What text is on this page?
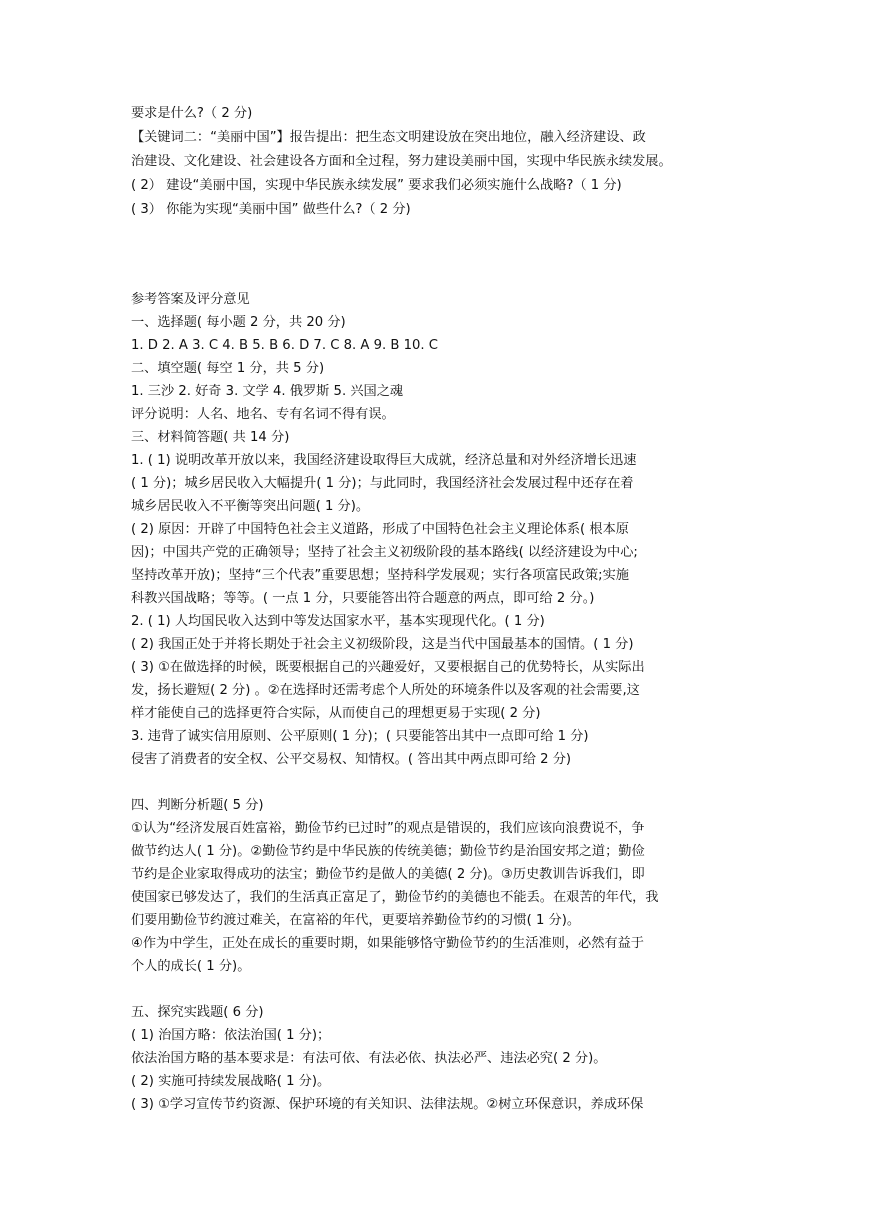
要求是什么?（ 2 分)
【关键词二：“美丽中国”】报告提出：把生态文明建设放在突出地位，融入经济建设、政
治建设、文化建设、社会建设各方面和全过程，努力建设美丽中国，实现中华民族永续发展。
( 2） 建设“美丽中国，实现中华民族永续发展” 要求我们必须实施什么战略?（ 1 分)
( 3） 你能为实现“美丽中国” 做些什么?（ 2 分)
参考答案及评分意见
一、选择题( 每小题 2 分，共 20 分)
1. D 2. A 3. C 4. B 5. B 6. D 7. C 8. A 9. B 10. C
二、填空题( 每空 1 分，共 5 分)
1. 三沙 2. 好奇 3. 文学 4. 俄罗斯 5. 兴国之魂
评分说明：人名、地名、专有名词不得有误。
三、材料简答题( 共 14 分)
1. ( 1) 说明改革开放以来，我国经济建设取得巨大成就，经济总量和对外经济增长迅速
( 1 分)；城乡居民收入大幅提升( 1 分)；与此同时，我国经济社会发展过程中还存在着
城乡居民收入不平衡等突出问题( 1 分)。
( 2) 原因：开辟了中国特色社会主义道路，形成了中国特色社会主义理论体系( 根本原
因)；中国共产党的正确领导；坚持了社会主义初级阶段的基本路线( 以经济建设为中心;
坚持改革开放)；坚持“三个代表”重要思想；坚持科学发展观；实行各项富民政策;实施
科教兴国战略；等等。( 一点 1 分，只要能答出符合题意的两点，即可给 2 分。)
2. ( 1) 人均国民收入达到中等发达国家水平，基本实现现代化。( 1 分)
( 2) 我国正处于并将长期处于社会主义初级阶段，这是当代中国最基本的国情。( 1 分)
( 3) ①在做选择的时候，既要根据自己的兴趣爱好，又要根据自己的优势特长，从实际出
发，扬长避短( 2 分) 。②在选择时还需考虑个人所处的环境条件以及客观的社会需要,这
样才能使自己的选择更符合实际，从而使自己的理想更易于实现( 2 分)
3. 违背了诚实信用原则、公平原则( 1 分)；( 只要能答出其中一点即可给 1 分)
侵害了消费者的安全权、公平交易权、知情权。( 答出其中两点即可给 2 分)
四、判断分析题( 5 分)
①认为“经济发展百姓富裕，勤俭节约已过时”的观点是错误的，我们应该向浪费说不，争
做节约达人( 1 分)。②勤俭节约是中华民族的传统美德；勤俭节约是治国安邦之道；勤俭
节约是企业家取得成功的法宝；勤俭节约是做人的美德( 2 分)。③历史教训告诉我们，即
使国家已够发达了，我们的生活真正富足了，勤俭节约的美德也不能丢。在艰苦的年代，我
们要用勤俭节约渡过难关，在富裕的年代，更要培养勤俭节约的习惯( 1 分)。
④作为中学生，正处在成长的重要时期，如果能够恪守勤俭节约的生活准则，必然有益于
个人的成长( 1 分)。
五、探究实践题( 6 分)
( 1) 治国方略：依法治国( 1 分)；
依法治国方略的基本要求是：有法可依、有法必依、执法必严、违法必究( 2 分)。
( 2) 实施可持续发展战略( 1 分)。
( 3) ①学习宣传节约资源、保护环境的有关知识、法律法规。②树立环保意识，养成环保
